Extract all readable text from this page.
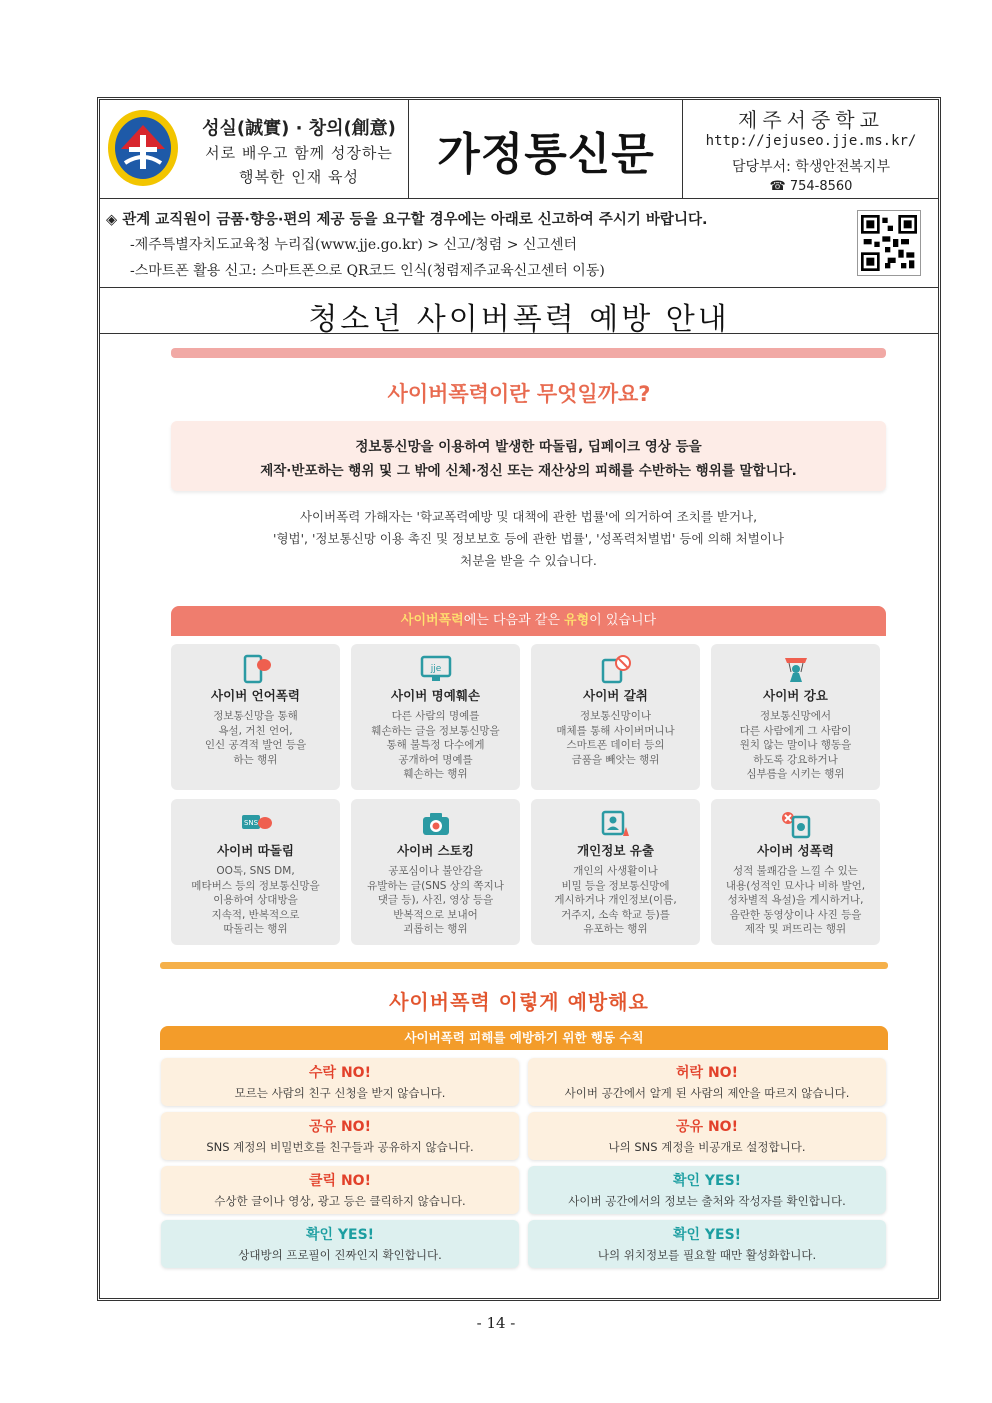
성실(誠實) · 창의(創意)
서로 배우고 함께 성장하는
행복한 인재 육성	가정통신문
제주서중학교
http://jejuseo.jje.ms.kr/
담당부서: 학생안전복지부
☎ 754-8560
◈ 관계 교직원이 금품·향응·편의 제공 등을 요구할 경우에는 아래로 신고하여 주시기 바랍니다.
-제주특별자치도교육청 누리집(www.jje.go.kr) > 신고/청렴 > 신고센터
-스마트폰 활용 신고: 스마트폰으로 QR코드 인식(청렴제주교육신고센터 이동)
청소년 사이버폭력 예방 안내
사이버폭력이란 무엇일까요?
정보통신망을 이용하여 발생한 따돌림, 딥페이크 영상 등을
제작·반포하는 행위 및 그 밖에 신체·정신 또는 재산상의 피해를 수반하는 행위를 말합니다.
사이버폭력 가해자는 '학교폭력예방 및 대책에 관한 법률'에 의거하여 조치를 받거나,
'형법', '정보통신망 이용 촉진 및 정보보호 등에 관한 법률', '성폭력처벌법' 등에 의해 처벌이나
처분을 받을 수 있습니다.
사이버폭력에는 다음과 같은 유형이 있습니다
사이버 언어폭력
정보통신망을 통해
욕설, 거친 언어,
인신 공격적 발언 등을
하는 행위
jje
사이버 명예훼손
다른 사람의 명예를
훼손하는 글을 정보통신망을
통해 불특정 다수에게
공개하여 명예를
훼손하는 행위
사이버 갈취
정보통신망이나
매체를 통해 사이버머니나
스마트폰 데이터 등의
금품을 빼앗는 행위
사이버 강요
정보통신망에서
다른 사람에게 그 사람이
원치 않는 말이나 행동을
하도록 강요하거나
심부름을 시키는 행위
SNS
사이버 따돌림
OO톡, SNS DM,
메타버스 등의 정보통신망을
이용하여 상대방을
지속적, 반복적으로
따돌리는 행위
사이버 스토킹
공포심이나 불안감을
유발하는 글(SNS 상의 쪽지나
댓글 등), 사진, 영상 등을
반복적으로 보내어
괴롭히는 행위
개인정보 유출
개인의 사생활이나
비밀 등을 정보통신망에
게시하거나 개인정보(이름,
거주지, 소속 학교 등)를
유포하는 행위
사이버 성폭력
성적 불쾌감을 느낄 수 있는
내용(성적인 묘사나 비하 발언,
성차별적 욕설)을 게시하거나,
음란한 동영상이나 사진 등을
제작 및 퍼뜨리는 행위
사이버폭력 이렇게 예방해요
사이버폭력 피해를 예방하기 위한 행동 수칙
수락 NO!
모르는 사람의 친구 신청을 받지 않습니다.
허락 NO!
사이버 공간에서 알게 된 사람의 제안을 따르지 않습니다.
공유 NO!
SNS 계정의 비밀번호를 친구들과 공유하지 않습니다.
공유 NO!
나의 SNS 계정을 비공개로 설정합니다.
클릭 NO!
수상한 글이나 영상, 광고 등은 클릭하지 않습니다.
확인 YES!
사이버 공간에서의 정보는 출처와 작성자를 확인합니다.
확인 YES!
상대방의 프로필이 진짜인지 확인합니다.
확인 YES!
나의 위치정보를 필요할 때만 활성화합니다.
- 14 -
